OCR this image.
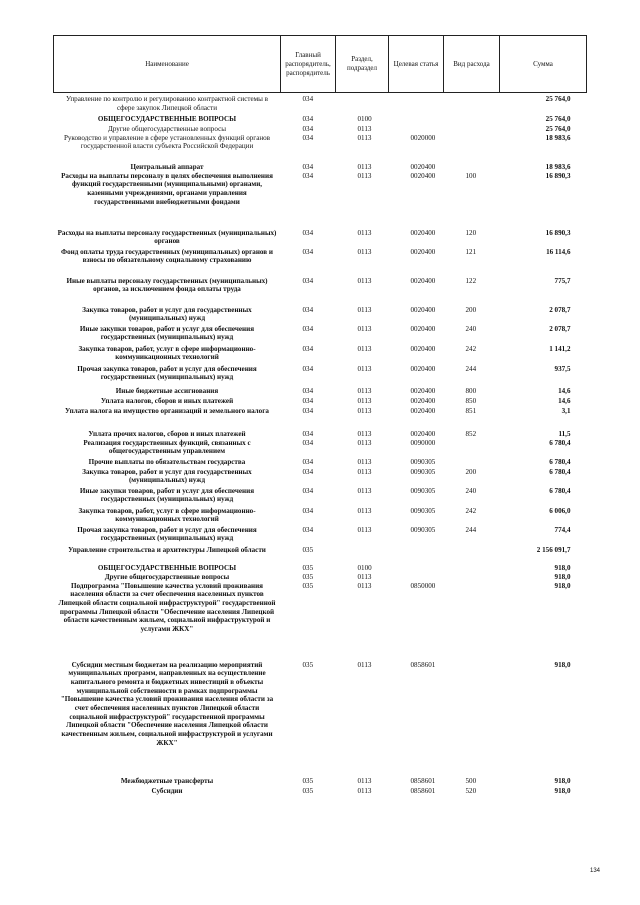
Наименование	Главный распорядитель, распорядитель	Раздел, подраздел	Целевая статья	Вид расхода	Сумма
Управление по контролю и регулированию контрактной системы в сфере закупок Липецкой области	034				25 764,0
ОБЩЕГОСУДАРСТВЕННЫЕ ВОПРОСЫ	034	0100			25 764,0
Другие общегосударственные вопросы	034	0113			25 764,0
Руководство и управление в сфере установленных функций органов государственной власти субъекта Российской Федерации	034	0113	0020000		18 983,6
Центральный аппарат	034	0113	0020400		18 983,6
Расходы на выплаты персоналу в целях обеспечения выполнения функций государственными (муниципальными) органами, казенными учреждениями, органами управления государственными внебюджетными фондами	034	0113	0020400	100	16 890,3
Расходы на выплаты персоналу государственных (муниципальных) органов	034	0113	0020400	120	16 890,3
Фонд оплаты труда государственных (муниципальных) органов и взносы по обязательному социальному страхованию	034	0113	0020400	121	16 114,6
Иные выплаты персоналу государственных (муниципальных) органов, за исключением фонда оплаты труда	034	0113	0020400	122	775,7
Закупка товаров, работ и услуг для государственных (муниципальных) нужд	034	0113	0020400	200	2 078,7
Иные закупки товаров, работ и услуг для обеспечения государственных (муниципальных) нужд	034	0113	0020400	240	2 078,7
Закупка товаров, работ, услуг в сфере информационно-коммуникационных технологий	034	0113	0020400	242	1 141,2
Прочая закупка товаров, работ и услуг для обеспечения государственных (муниципальных) нужд	034	0113	0020400	244	937,5
Иные бюджетные ассигнования	034	0113	0020400	800	14,6
Уплата налогов, сборов и иных платежей	034	0113	0020400	850	14,6
Уплата налога на имущество организаций и земельного налога	034	0113	0020400	851	3,1
Уплата прочих налогов, сборов и иных платежей	034	0113	0020400	852	11,5
Реализация государственных функций, связанных с общегосударственным управлением	034	0113	0090000		6 780,4
Прочие выплаты по обязательствам государства	034	0113	0090305		6 780,4
Закупка товаров, работ и услуг для государственных (муниципальных) нужд	034	0113	0090305	200	6 780,4
Иные закупки товаров, работ и услуг для обеспечения государственных (муниципальных) нужд	034	0113	0090305	240	6 780,4
Закупка товаров, работ, услуг в сфере информационно-коммуникационных технологий	034	0113	0090305	242	6 006,0
Прочая закупка товаров, работ и услуг для обеспечения государственных (муниципальных) нужд	034	0113	0090305	244	774,4
Управление строительства и архитектуры Липецкой области	035				2 156 091,7
ОБЩЕГОСУДАРСТВЕННЫЕ ВОПРОСЫ	035	0100			918,0
Другие общегосударственные вопросы	035	0113			918,0
Подпрограмма "Повышение качества условий проживания населения области за счет обеспечения населенных пунктов Липецкой области социальной инфраструктурой" государственной программы Липецкой области "Обеспечение населения Липецкой области качественным жильем, социальной инфраструктурой и услугами ЖКХ"	035	0113	0850000		918,0
Субсидии местным бюджетам на реализацию мероприятий муниципальных программ, направленных на осуществление капитального ремонта и бюджетных инвестиций в объекты муниципальной собственности в рамках подпрограммы "Повышение качества условий проживания населения области за счет обеспечения населенных пунктов Липецкой области социальной инфраструктурой" государственной программы Липецкой области "Обеспечение населения Липецкой области качественным жильем, социальной инфраструктурой и услугами ЖКХ"	035	0113	0858601		918,0
Межбюджетные трансферты	035	0113	0858601	500	918,0
Субсидии	035	0113	0858601	520	918,0
134
